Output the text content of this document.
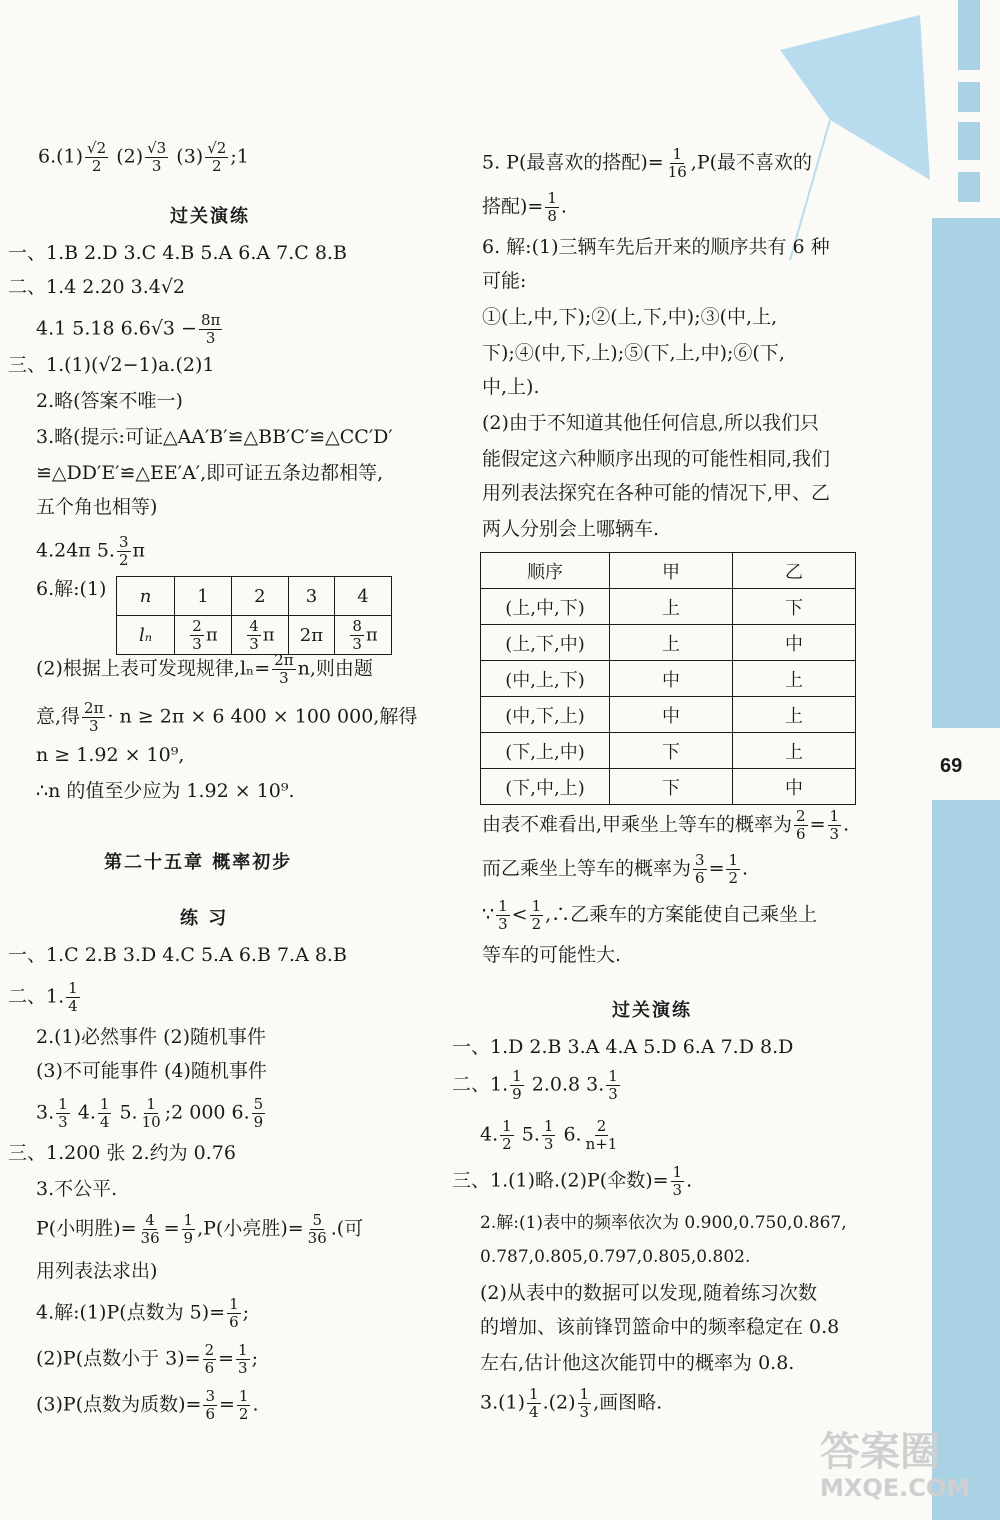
69
$6.(1) \frac{√2}{2} (2) \frac{√3}{3} (3) \frac{√2}{2}$ ;1
过关演练
一、1.B 2.D 3.C 4.B 5.A 6.A 7.C 8.B
二、1.4 2.20 3.4√2
4.1 5.18 $6.6√3 - \frac{8\pi}{3}$
三、1.(1)(√2−1)a.(2)1
2.略(答案不唯一)
3.略(提示:可证△AA′B′≌△BB′C′≌△CC′D′
≌△DD′E′≌△EE′A′,即可证五条边都相等,
五个角也相等)
4.24π 5. $\frac{3}{2}$ π
6.解:(1) n	1	2	3	4
lₙ	$\frac{2}{3}$ π	$\frac{4}{3}$ π	2π	$\frac{8}{3}$ π
(2)根据上表可发现规律$,l_n= \frac{2\pi}{3} n$,则由题
意,得 $\frac{2\pi}{3} \cdot n \ge 2\pi \times 6$ 400 × 100 000,解得
n ≥ 1.92 × 10⁹,
∴n 的值至少应为 1.92 × 10⁹.
第二十五章 概率初步
练 习
一、1.C 2.B 3.D 4.C 5.A 6.B 7.A 8.B
二、1. $\frac{1}{4}$
2.(1)必然事件 (2)随机事件
(3)不可能事件 (4)随机事件
3. $\frac{1}{3} 4$. $\frac{1}{4} 5$. $\frac{1}{10}$ ;2 000 6. $\frac{5}{9}$
三、1.200 张 2.约为 0.76
3.不公平.
P(小明胜)= $\frac{4}{36} = \frac{1}{9} ,P$(小亮胜)= $\frac{5}{36}$ .(可
用列表法求出)
4.解:(1)P(点数为 $5)= \frac{1}{6}$ ;
(2)P(点数小于 $3)= \frac{2}{6} = \frac{1}{3}$ ;
(3)P(点数为质数)= $\frac{3}{6} = \frac{1}{2}$ .
5. P(最喜欢的搭配)= $\frac{1}{16} ,P$(最不喜欢的
搭配)= $\frac{1}{8}$ .
6. 解:(1)三辆车先后开来的顺序共有 6 种
可能:
①(上,中,下);②(上,下,中);③(中,上,
下);④(中,下,上);⑤(下,上,中);⑥(下,
中,上).
(2)由于不知道其他任何信息,所以我们只
能假定这六种顺序出现的可能性相同,我们
用列表法探究在各种可能的情况下,甲、乙
两人分别会上哪辆车.
顺序	甲	乙
(上,中,下)	上	下
(上,下,中)	上	中
(中,上,下)	中	上
(中,下,上)	中	上
(下,上,中)	下	上
(下,中,上)	下	中
由表不难看出,甲乘坐上等车的概率为 $\frac{2}{6} = \frac{1}{3}$ .
而乙乘坐上等车的概率为 $\frac{3}{6} = \frac{1}{2}$ .
∵ $\frac{1}{3} < \frac{1}{2}$ ,∴乙乘车的方案能使自己乘坐上
等车的可能性大.
过关演练
一、1.D 2.B 3.A 4.A 5.D 6.A 7.D 8.D
二、1. $\frac{1}{9} 2.0.8$ 3. $\frac{1}{3}$
4. $\frac{1}{2} 5$. $\frac{1}{3} 6$. $\frac{2}{n+1}$
三、1.(1)略.(2)P(伞数)= $\frac{1}{3}$ .
2.解:(1)表中的频率依次为 0.900,0.750,0.867,
0.787,0.805,0.797,0.805,0.802.
(2)从表中的数据可以发现,随着练习次数
的增加、该前锋罚篮命中的频率稳定在 0.8
左右,估计他这次能罚中的概率为 0.8.
$3.(1) \frac{1}{4} .(2) \frac{1}{3}$ ,画图略.
答案圈
MXQE.COM
